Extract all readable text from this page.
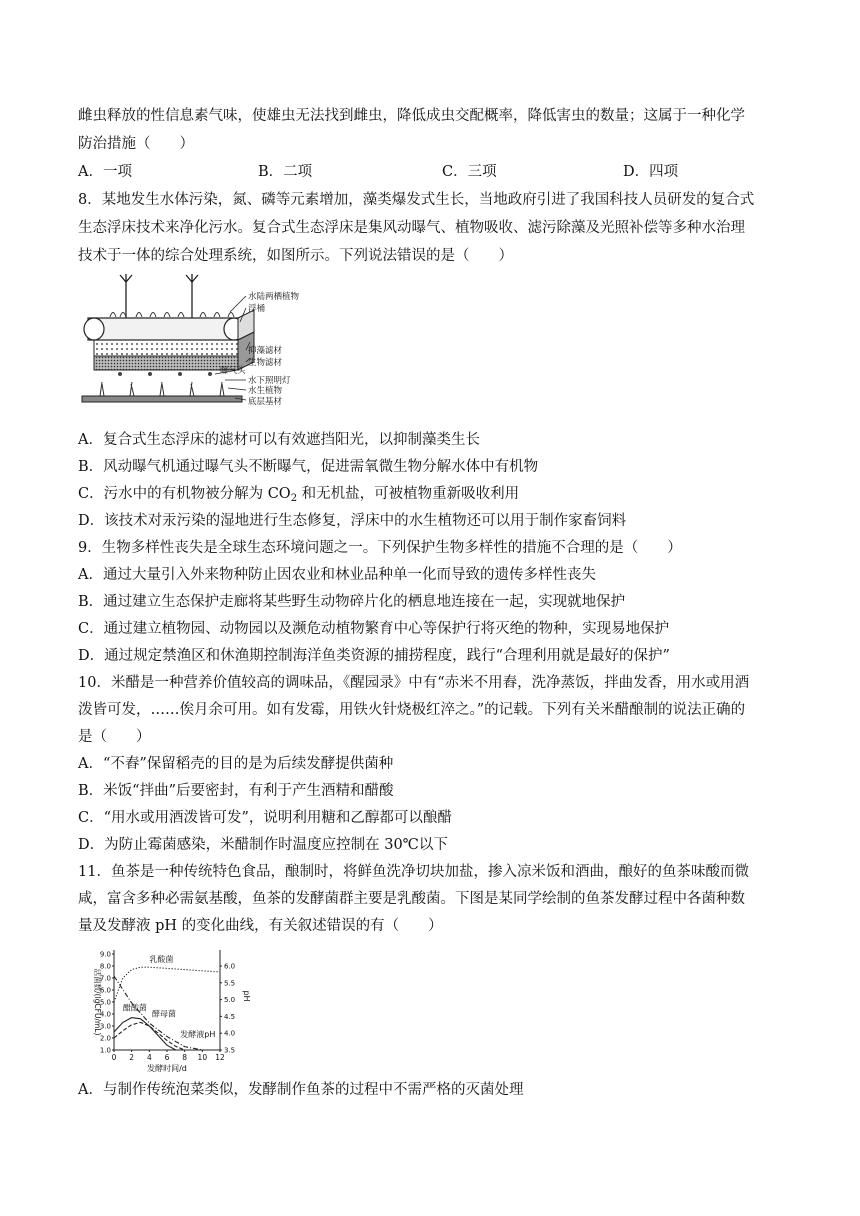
雌虫释放的性信息素气味，使雄虫无法找到雌虫，降低成虫交配概率，降低害虫的数量；这属于一种化学
防治措施（　　）
A．一项	B．二项	C．三项	D．四项
8．某地发生水体污染，氮、磷等元素增加，藻类爆发式生长，当地政府引进了我国科技人员研发的复合式
生态浮床技术来净化污水。复合式生态浮床是集风动曝气、植物吸收、滤污除藻及光照补偿等多种水治理
技术于一体的综合处理系统，如图所示。下列说法错误的是（　　）
水陆两栖植物
浮桶
抑藻滤材
生物滤材
曝气头
水下照明灯
水生植物
底层基材
A．复合式生态浮床的滤材可以有效遮挡阳光，以抑制藻类生长
B．风动曝气机通过曝气头不断曝气，促进需氧微生物分解水体中有机物
C．污水中的有机物被分解为 $CO_2$ 和无机盐，可被植物重新吸收利用
D．该技术对汞污染的湿地进行生态修复，浮床中的水生植物还可以用于制作家畜饲料
9．生物多样性丧失是全球生态环境问题之一。下列保护生物多样性的措施不合理的是（　　）
A．通过大量引入外来物种防止因农业和林业品种单一化而导致的遗传多样性丧失
B．通过建立生态保护走廊将某些野生动物碎片化的栖息地连接在一起，实现就地保护
C．通过建立植物园、动物园以及濒危动植物繁育中心等保护行将灭绝的物种，实现易地保护
D．通过规定禁渔区和休渔期控制海洋鱼类资源的捕捞程度，践行“合理利用就是最好的保护”
10．米醋是一种营养价值较高的调味品，《醒园录》中有“赤米不用舂，洗净蒸饭，拌曲发香，用水或用酒
泼皆可发，……俟月余可用。如有发霉，用铁火针烧极红淬之。”的记载。下列有关米醋酿制的说法正确的
是（　　）
A．“不舂”保留稻壳的目的是为后续发酵提供菌种
B．米饭“拌曲”后要密封，有利于产生酒精和醋酸
C．“用水或用酒泼皆可发”，说明利用糖和乙醇都可以酿醋
D．为防止霉菌感染，米醋制作时温度应控制在 30℃以下
11．鱼茶是一种传统特色食品，酿制时，将鲜鱼洗净切块加盐，掺入凉米饭和酒曲，酿好的鱼茶味酸而微
咸，富含多种必需氨基酸，鱼茶的发酵菌群主要是乳酸菌。下图是某同学绘制的鱼茶发酵过程中各菌种数
量及发酵液 pH 的变化曲线，有关叙述错误的有（　　）
0 2 4 6 8 10 12
1.0
2.0
3.0
4.0
5.0
6.0
7.0
8.0
9.0
3.5
4.0
4.5
5.0
5.5
6.0
发酵时间/d
活菌数/(lgCFU/mL)	pH
乳酸菌
醋酸菌
酵母菌
发酵液pH
A．与制作传统泡菜类似，发酵制作鱼茶的过程中不需严格的灭菌处理
